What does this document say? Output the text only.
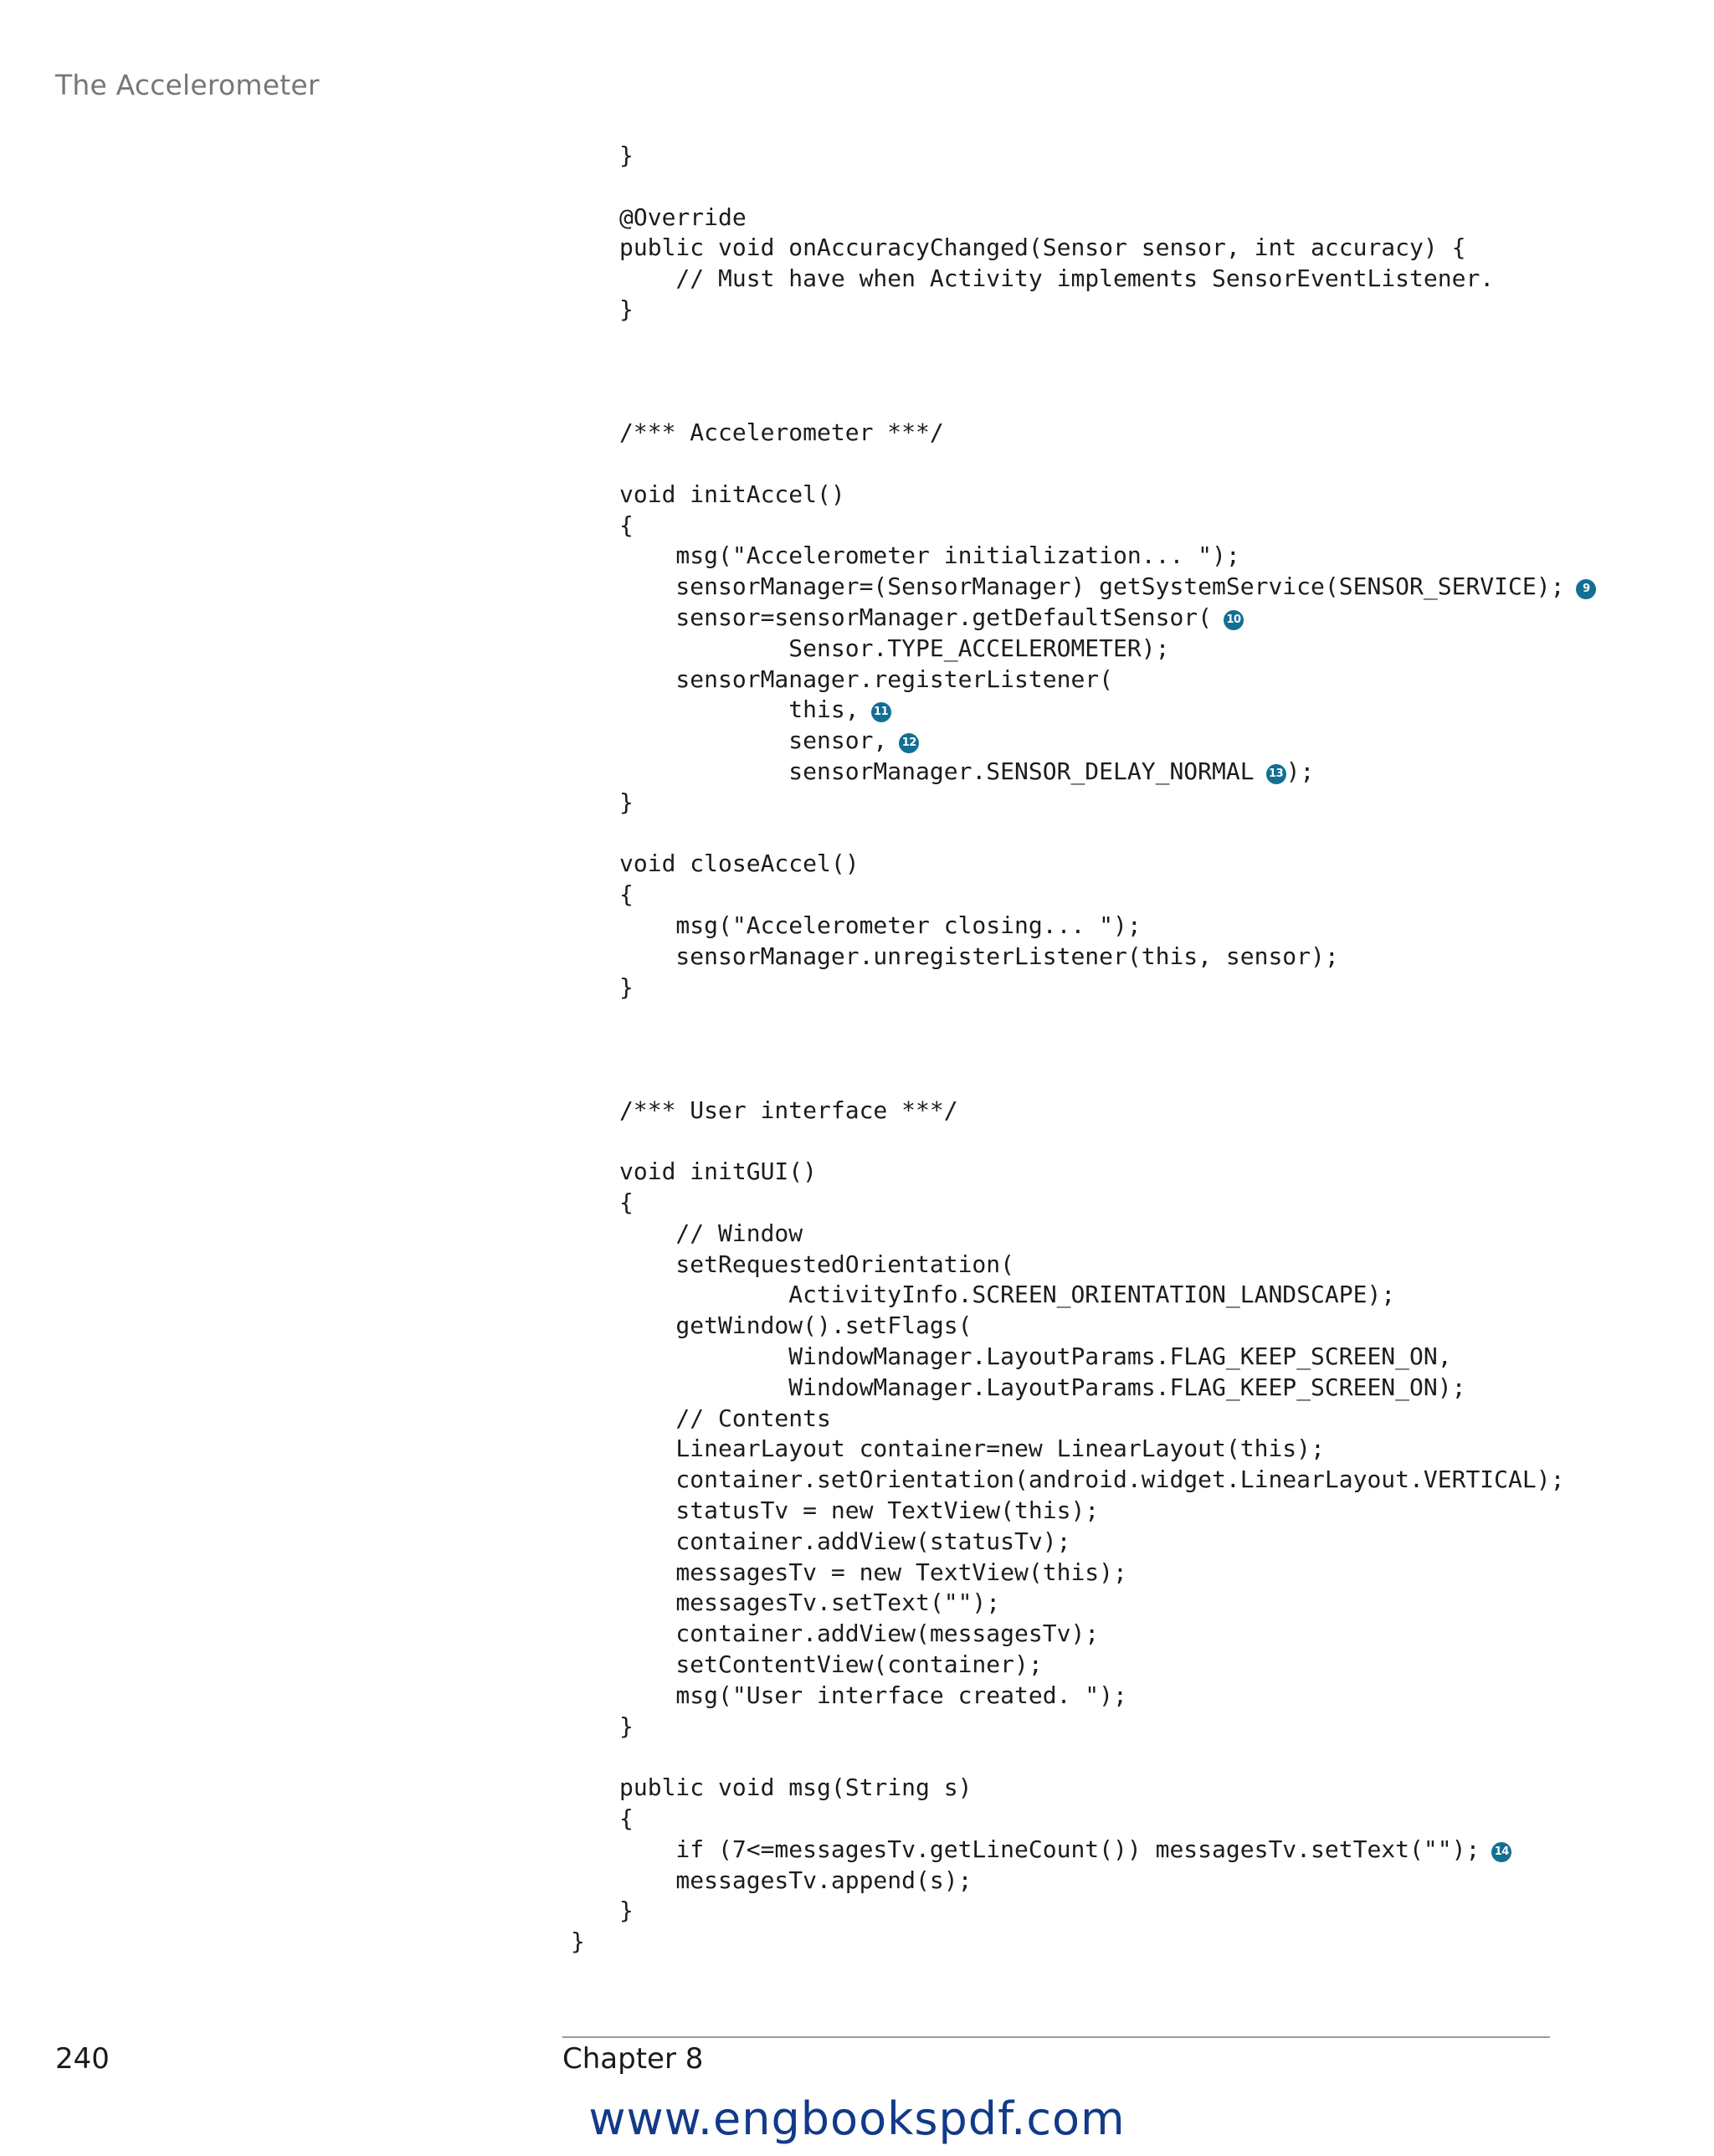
The Accelerometer
}
@Override
public void onAccuracyChanged(Sensor sensor, int accuracy) {
// Must have when Activity implements SensorEventListener.
}
/*** Accelerometer ***/
void initAccel()
{
msg("Accelerometer initialization... ");
sensorManager=(SensorManager) getSystemService(SENSOR_SERVICE); 9
sensor=sensorManager.getDefaultSensor( 10
Sensor.TYPE_ACCELEROMETER);
sensorManager.registerListener(
this, 11
sensor, 12
sensorManager.SENSOR_DELAY_NORMAL 13 );
}
void closeAccel()
{
msg("Accelerometer closing... ");
sensorManager.unregisterListener(this, sensor);
}
/*** User interface ***/
void initGUI()
{
// Window
setRequestedOrientation(
ActivityInfo.SCREEN_ORIENTATION_LANDSCAPE);
getWindow().setFlags(
WindowManager.LayoutParams.FLAG_KEEP_SCREEN_ON,
WindowManager.LayoutParams.FLAG_KEEP_SCREEN_ON);
// Contents
LinearLayout container=new LinearLayout(this);
container.setOrientation(android.widget.LinearLayout.VERTICAL);
statusTv = new TextView(this);
container.addView(statusTv);
messagesTv = new TextView(this);
messagesTv.setText("");
container.addView(messagesTv);
setContentView(container);
msg("User interface created. ");
}
public void msg(String s)
{
if (7<=messagesTv.getLineCount()) messagesTv.setText(""); 14
messagesTv.append(s);
}
}
240	Chapter 8
www.engbookspdf.com
